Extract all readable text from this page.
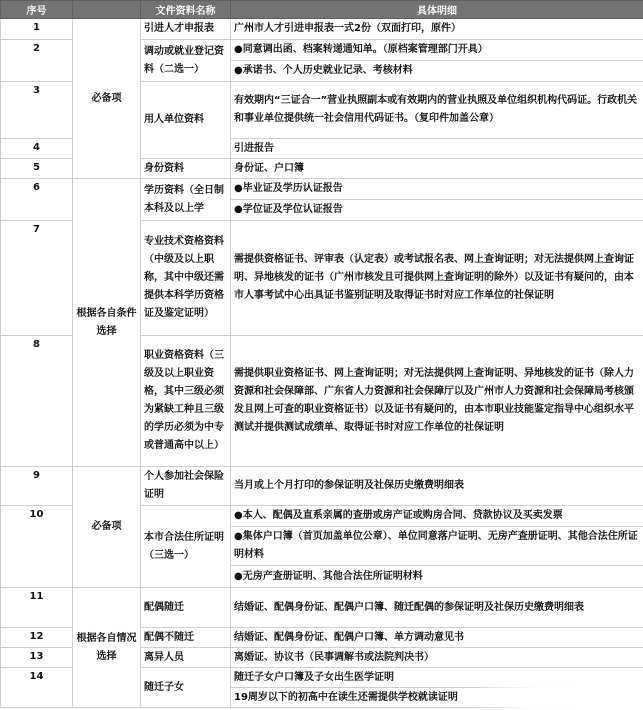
序号		文件资料名称	具体明细
1	必备项	引进人才申报表	广州市人才引进申报表一式2份（双面打印，原件）
2		调动或就业登记资料（二选一）	●同意调出函、档案转递通知单。（原档案管理部门开具）
			●承诺书、个人历史就业记录、考核材料
3		用人单位资料	有效期内“三证合一”营业执照副本或有效期内的营业执照及单位组织机构代码证。行政机关和事业单位提供统一社会信用代码证书。（复印件加盖公章）
4			引进报告
5		身份资料	身份证、户口簿
6	根据各自条件选择	学历资料（全日制本科及以上学	●毕业证及学历认证报告
			●学位证及学位认证报告
7		专业技术资格资料（中级及以上职称，其中中级还需提供本科学历资格证及鉴定证明）	需提供资格证书、评审表（认定表）或考试报名表、网上查询证明；对无法提供网上查询证明、异地核发的证书（广州市核发且可提供网上查询证明的除外）以及证书有疑问的，由本市人事考试中心出具证书鉴别证明及取得证书时对应工作单位的社保证明
8		职业资格资料（三级及以上职业资格，其中三级必须为紧缺工种且三级的学历必须为中专或普通高中以上）	需提供职业资格证书、网上查询证明；对无法提供网上查询证明、异地核发的证书（除人力资源和社会保障部、广东省人力资源和社会保障厅以及广州市人力资源和社会保障局考核颁发且网上可查的职业资格证书）以及证书有疑问的，由本市职业技能鉴定指导中心组织水平测试并提供测试成绩单、取得证书时对应工作单位的社保证明
9	必备项	个人参加社会保险证明	当月或上个月打印的参保证明及社保历史缴费明细表
10		本市合法住所证明（三选一）	●本人、配偶及直系亲属的查册或房产证或购房合同、贷款协议及买卖发票
			●集体户口簿（首页加盖单位公章）、单位同意落户证明、无房产查册证明、其他合法住所证明材料
			●无房产查册证明、其他合法住所证明材料
11	根据各自情况选择	配偶随迁	结婚证、配偶身份证、配偶户口簿、随迁配偶的参保证明及社保历史缴费明细表
12		配偶不随迁	结婚证、配偶身份证、配偶户口簿、单方调动意见书
13		离异人员	离婚证、协议书（民事调解书或法院判决书）
14		随迁子女	随迁子女户口簿及子女出生医学证明
			19周岁以下的初高中在读生还需提供学校就读证明
